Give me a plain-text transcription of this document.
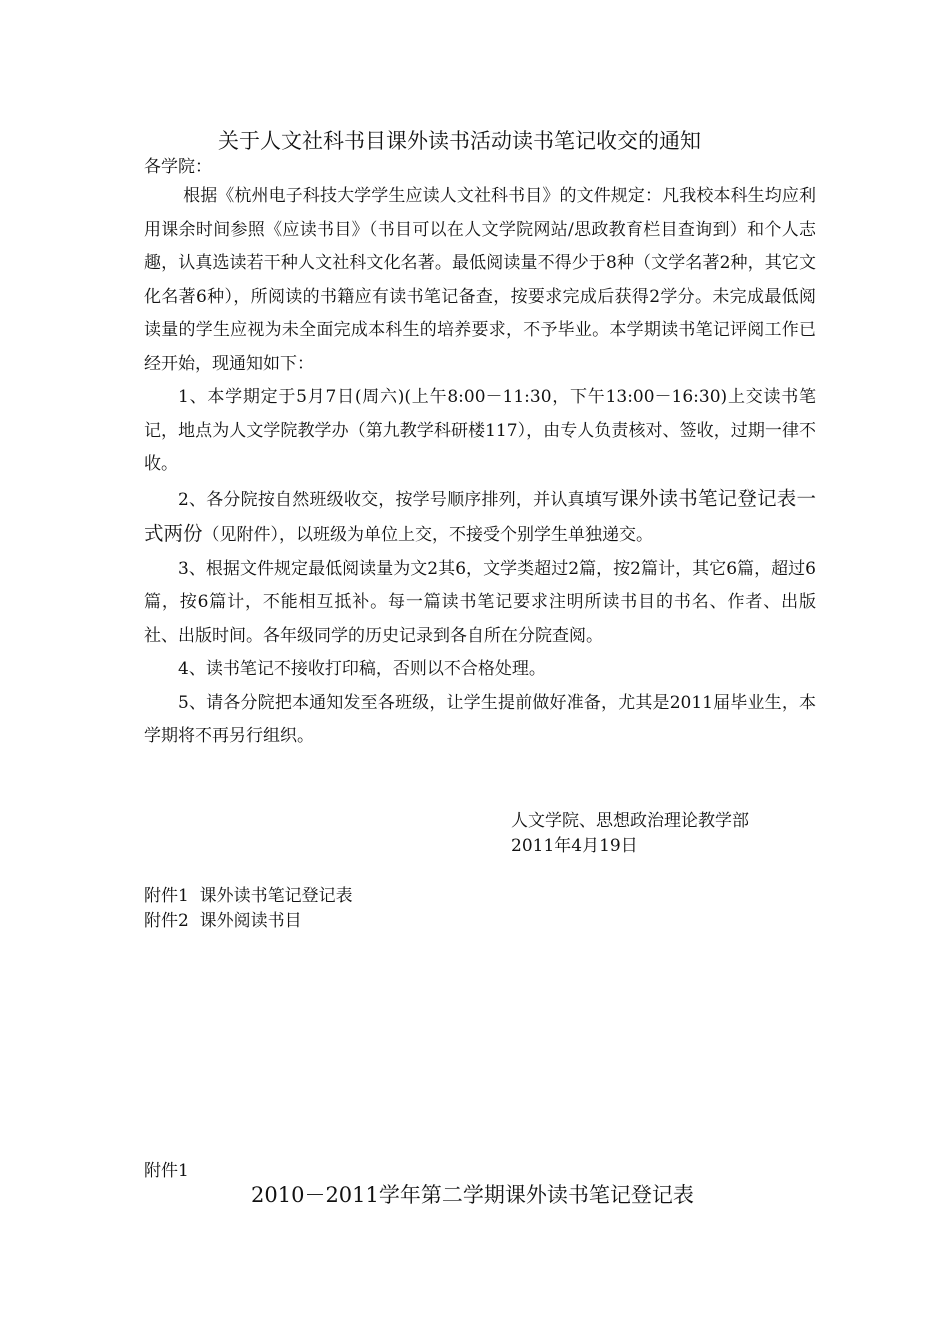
关于人文社科书目课外读书活动读书笔记收交的通知
各学院：

根据《杭州电子科技大学学生应读人文社科书目》的文件规定：凡我校本科生均应利用课余时间参照《应读书目》（书目可以在人文学院网站/思政教育栏目查询到）和个人志趣，认真选读若干种人文社科文化名著。最低阅读量不得少于8种（文学名著2种，其它文化名著6种），所阅读的书籍应有读书笔记备查，按要求完成后获得2学分。未完成最低阅读量的学生应视为未全面完成本科生的培养要求，不予毕业。本学期读书笔记评阅工作已经开始，现通知如下：

1、本学期定于5月7日(周六)(上午8:00－11:30，下午13:00－16:30)上交读书笔记，地点为人文学院教学办（第九教学科研楼117），由专人负责核对、签收，过期一律不收。

2、各分院按自然班级收交，按学号顺序排列，并认真填写课外读书笔记登记表一式两份（见附件），以班级为单位上交，不接受个别学生单独递交。

3、根据文件规定最低阅读量为文2其6，文学类超过2篇，按2篇计，其它6篇，超过6篇，按6篇计，不能相互抵补。每一篇读书笔记要求注明所读书目的书名、作者、出版社、出版时间。各年级同学的历史记录到各自所在分院查阅。

4、读书笔记不接收打印稿，否则以不合格处理。

5、请各分院把本通知发至各班级，让学生提前做好准备，尤其是2011届毕业生，本学期将不再另行组织。

人文学院、思想政治理论教学部
2011年4月19日
附件1  课外读书笔记登记表
附件2  课外阅读书目
附件1
2010－2011学年第二学期课外读书笔记登记表
